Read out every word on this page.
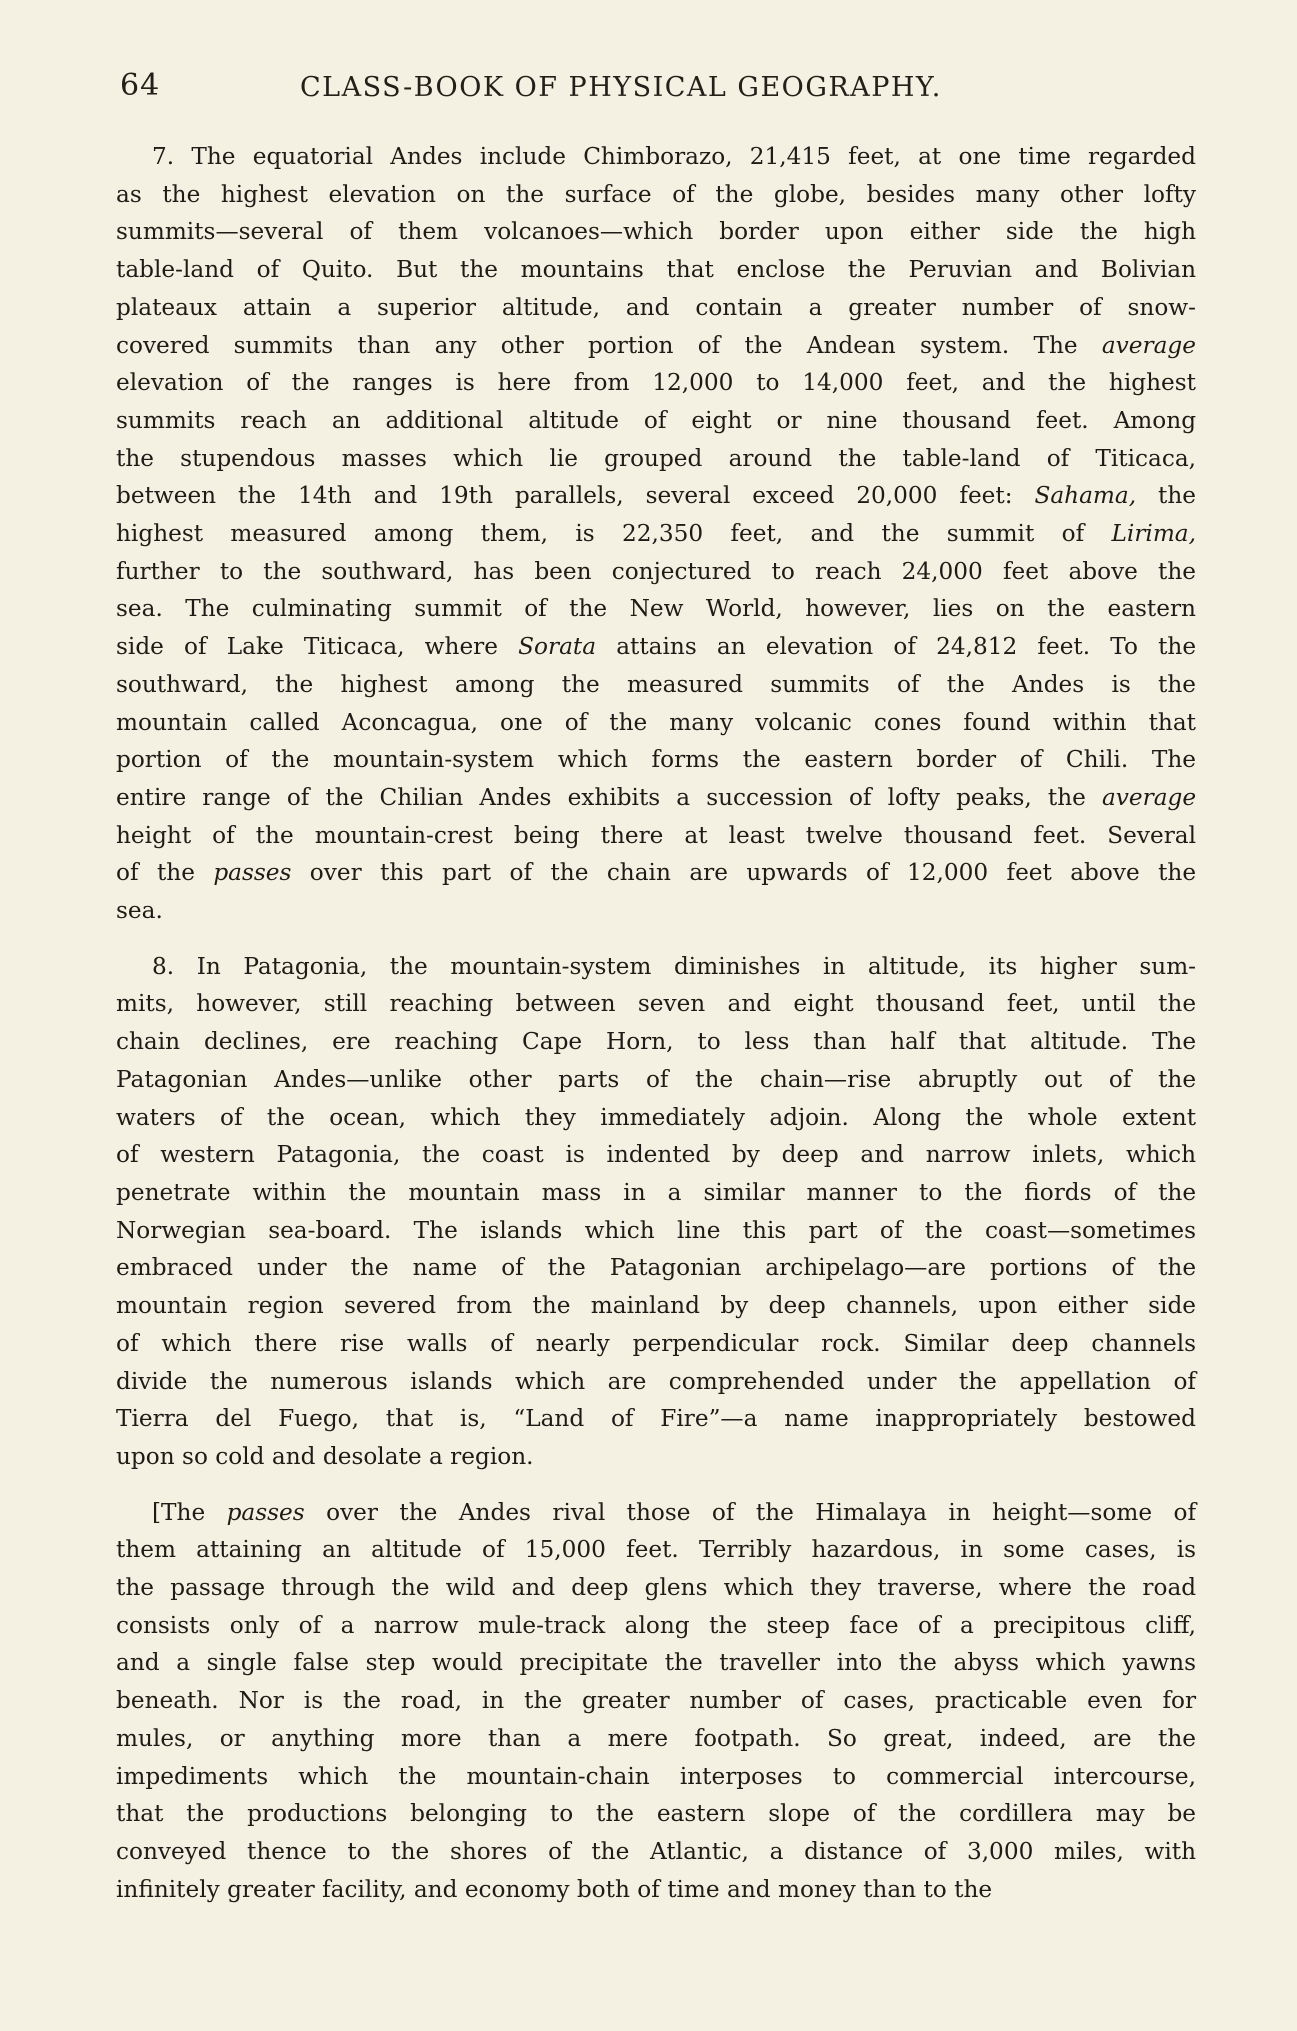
64	CLASS-BOOK OF PHYSICAL GEOGRAPHY.
7. The equatorial Andes include Chimborazo, 21,415 feet, at one time regarded
as the highest elevation on the surface of the globe, besides many other lofty
summits—several of them volcanoes—which border upon either side the high
table-land of Quito. But the mountains that enclose the Peruvian and Bolivian
plateaux attain a superior altitude, and contain a greater number of snow-
covered summits than any other portion of the Andean system. The average
elevation of the ranges is here from 12,000 to 14,000 feet, and the highest
summits reach an additional altitude of eight or nine thousand feet. Among
the stupendous masses which lie grouped around the table-land of Titicaca,
between the 14th and 19th parallels, several exceed 20,000 feet: Sahama, the
highest measured among them, is 22,350 feet, and the summit of Lirima,
further to the southward, has been conjectured to reach 24,000 feet above the
sea. The culminating summit of the New World, however, lies on the eastern
side of Lake Titicaca, where Sorata attains an elevation of 24,812 feet. To the
southward, the highest among the measured summits of the Andes is the
mountain called Aconcagua, one of the many volcanic cones found within that
portion of the mountain-system which forms the eastern border of Chili. The
entire range of the Chilian Andes exhibits a succession of lofty peaks, the average
height of the mountain-crest being there at least twelve thousand feet. Several
of the passes over this part of the chain are upwards of 1⁠2,000 feet above the
sea.
8. In Patagonia, the mountain-system diminishes in altitude, its higher sum-
mits, however, still reaching between seven and eight thousand feet, until the
chain declines, ere reaching Cape Horn, to less than half that altitude. The
Patagonian Andes—unlike other parts of the chain—rise abruptly out of the
waters of the ocean, which they immediately adjoin. Along the whole extent
of western Patagonia, the coast is indented by deep and narrow inlets, which
penetrate within the mountain mass in a similar manner to the fiords of the
Norwegian sea-board. The islands which line this part of the coast—sometimes
embraced under the name of the Patagonian archipelago—are portions of the
mountain region severed from the mainland by deep channels, upon either side
of which there rise walls of nearly perpendicular rock. Similar deep channels
divide the numerous islands which are comprehended under the appellation of
Tierra del Fuego, that is, “Land of Fire”—a name inappropriately bestowed
upon so cold and desolate a region.
[The passes over the Andes rival those of the Himalaya in height—some of
them attaining an altitude of 15,000 feet. Terribly hazardous, in some cases, is
the passage through the wild and deep glens which they traverse, where the road
consists only of a narrow mule-track along the steep face of a precipitous cliff,
and a single false step would precipitate the traveller into the abyss which yawns
beneath. Nor is the road, in the greater number of cases, practicable even for
mules, or anything more than a mere footpath. So great, indeed, are the
impediments which the mountain-chain interposes to commercial intercourse,
that the productions belonging to the eastern slope of the cordillera may be
conveyed thence to the shores of the Atlantic, a distance of 3,000 miles, with
infinitely greater facility, and economy both of time and money than to the
